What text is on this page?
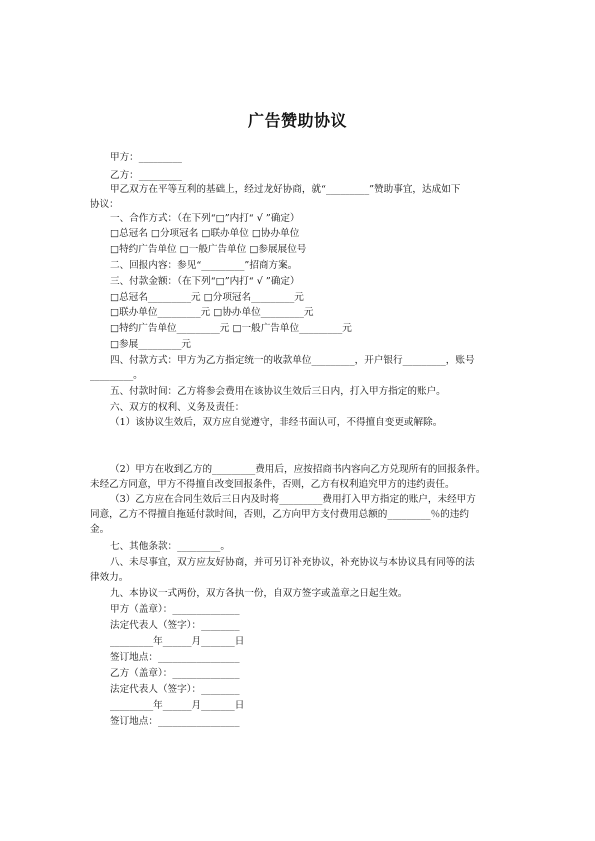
广告赞助协议
甲方：_________
乙方：_________
甲乙双方在平等互利的基础上，经过龙好协商，就“_________”赞助事宜，达成如下
协议：
一、合作方式：（在下列“□”内打“ √ ”确定）
□总冠名 □分项冠名 □联办单位 □协办单位
□特约广告单位 □一般广告单位 □参展展位号
二、回报内容：参见“_________”招商方案。
三、付款金额：（在下列“□”内打“ √ ”确定）
□总冠名_________元 □分项冠名_________元
□联办单位_________元 □协办单位_________元
□特约广告单位_________元 □一般广告单位_________元
□参展_________元
四、付款方式：甲方为乙方指定统一的收款单位_________，开户银行_________，账号
_________。
五、付款时间：乙方将参会费用在该协议生效后三日内，打入甲方指定的账户。
六、双方的权利、义务及责任：
（1）该协议生效后，双方应自觉遵守，非经书面认可，不得擅自变更或解除。
（2）甲方在收到乙方的_________费用后，应按招商书内容向乙方兑现所有的回报条件。
未经乙方同意，甲方不得擅自改变回报条件，否则，乙方有权利追究甲方的违约责任。
（3）乙方应在合同生效后三日内及时将_________费用打入甲方指定的账户，未经甲方
同意，乙方不得擅自拖延付款时间，否则，乙方向甲方支付费用总额的_________％的违约
金。
七、其他条款：_________。
八、未尽事宜，双方应友好协商，并可另订补充协议，补充协议与本协议具有同等的法
律效力。
九、本协议一式两份，双方各执一份，自双方签字或盖章之日起生效。
甲方（盖章）：______________
法定代表人（签字）：________
_________年______月_______日
签订地点：_________________
乙方（盖章）：______________
法定代表人（签字）：________
_________年______月_______日
签订地点：_________________
